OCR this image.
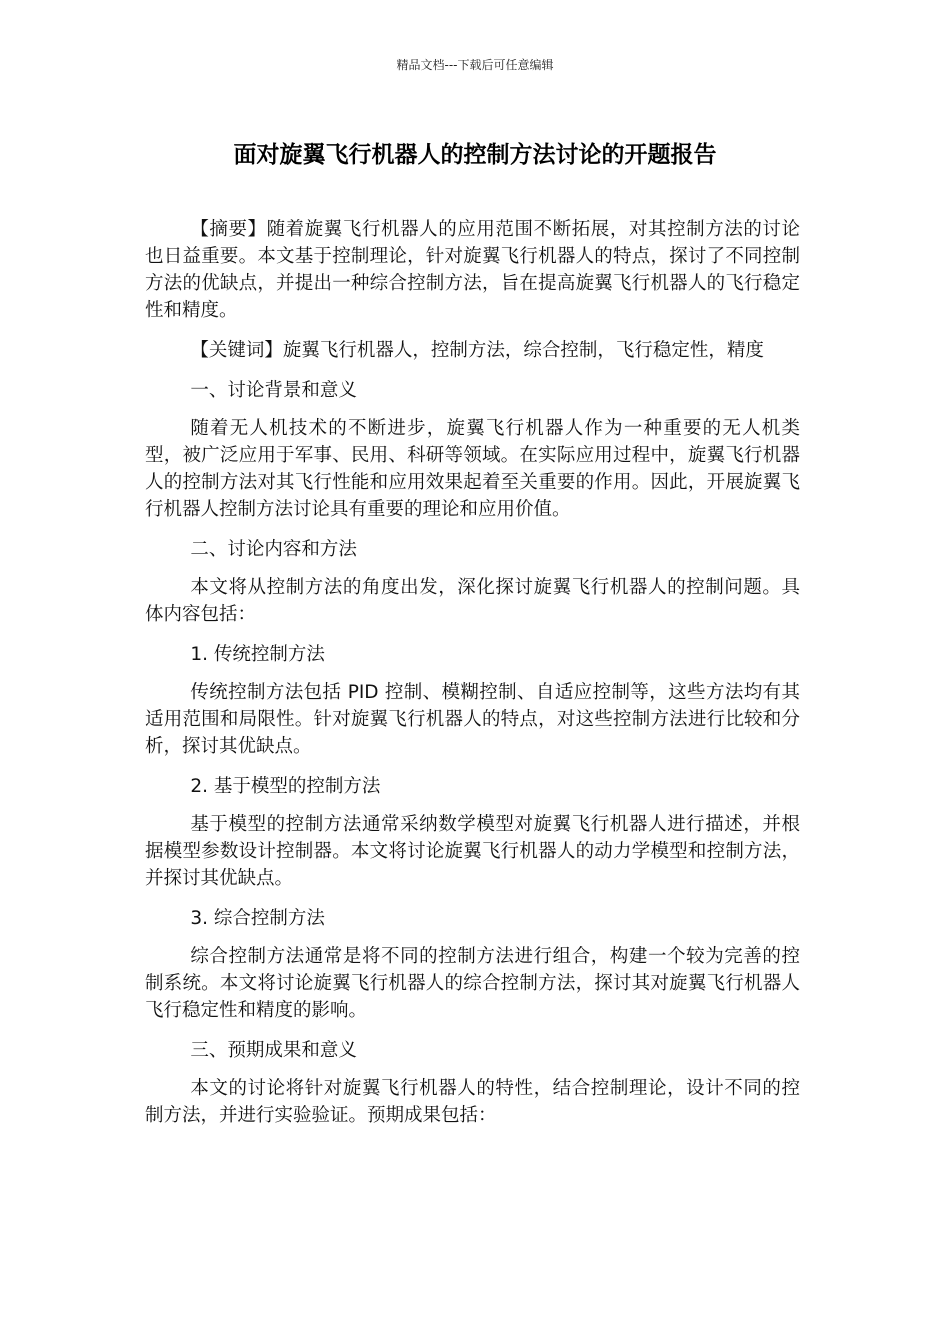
精品文档---下载后可任意编辑
面对旋翼飞行机器人的控制方法讨论的开题报告

【摘要】随着旋翼飞行机器人的应用范围不断拓展，对其控制方法的讨论也日益重要。本文基于控制理论，针对旋翼飞行机器人的特点，探讨了不同控制方法的优缺点，并提出一种综合控制方法，旨在提高旋翼飞行机器人的飞行稳定性和精度。

【关键词】旋翼飞行机器人，控制方法，综合控制，飞行稳定性，精度

一、讨论背景和意义

随着无人机技术的不断进步，旋翼飞行机器人作为一种重要的无人机类型，被广泛应用于军事、民用、科研等领域。在实际应用过程中，旋翼飞行机器人的控制方法对其飞行性能和应用效果起着至关重要的作用。因此，开展旋翼飞行机器人控制方法讨论具有重要的理论和应用价值。

二、讨论内容和方法

本文将从控制方法的角度出发，深化探讨旋翼飞行机器人的控制问题。具体内容包括：

1. 传统控制方法

传统控制方法包括 PID 控制、模糊控制、自适应控制等，这些方法均有其适用范围和局限性。针对旋翼飞行机器人的特点，对这些控制方法进行比较和分析，探讨其优缺点。

2. 基于模型的控制方法

基于模型的控制方法通常采纳数学模型对旋翼飞行机器人进行描述，并根据模型参数设计控制器。本文将讨论旋翼飞行机器人的动力学模型和控制方法，并探讨其优缺点。

3. 综合控制方法

综合控制方法通常是将不同的控制方法进行组合，构建一个较为完善的控制系统。本文将讨论旋翼飞行机器人的综合控制方法，探讨其对旋翼飞行机器人飞行稳定性和精度的影响。

三、预期成果和意义

本文的讨论将针对旋翼飞行机器人的特性，结合控制理论，设计不同的控制方法，并进行实验验证。预期成果包括：
